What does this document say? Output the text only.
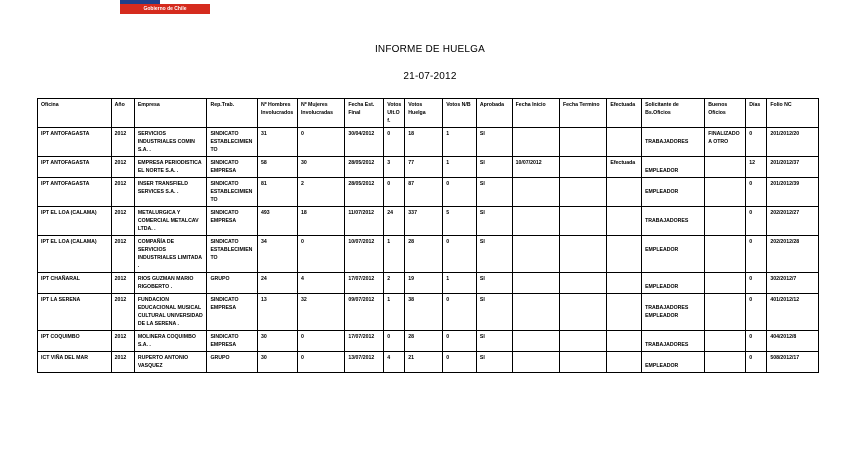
Gobierno de Chile
INFORME DE HUELGA
21-07-2012
Oficina	Año	Empresa	Rep.Trab.	Nº Hombres Involucrados	Nº Mujeres Involucradas	Fecha Est. Final	Votos Ult.Of.	Votos Huelga	Votos N/B	Aprobada	Fecha Inicio	Fecha Termino	Efectuada	Solicitante de Bs.Oficios	Buenos Oficios	Días	Folio NC
IPT ANTOFAGASTA	2012	SERVICIOS INDUSTRIALES COMIN S.A. .	SINDICATO ESTABLECIMIENTO	31	0	30/04/2012	0	18	1	SI				TRABAJADORES	FINALIZADO A OTRO	0	201/2012/20
IPT ANTOFAGASTA	2012	EMPRESA PERIODISTICA EL NORTE S.A. .	SINDICATO EMPRESA	58	30	28/05/2012	3	77	1	SI	10/07/2012		Efectuada	EMPLEADOR		12	201/2012/37
IPT ANTOFAGASTA	2012	INSER TRANSFIELD SERVICES S.A. .	SINDICATO ESTABLECIMIENTO	81	2	28/05/2012	0	87	0	SI				EMPLEADOR		0	201/2012/39
IPT EL LOA (CALAMA)	2012	METALURGICA Y COMERCIAL METALCAV LTDA. .	SINDICATO EMPRESA	493	18	11/07/2012	24	337	5	SI				TRABAJADORES		0	202/2012/27
IPT EL LOA (CALAMA)	2012	COMPAÑÍA DE SERVICIOS INDUSTRIALES LIMITADA .	SINDICATO ESTABLECIMIENTO	34	0	10/07/2012	1	28	0	SI				EMPLEADOR		0	202/2012/28
IPT CHAÑARAL	2012	RIOS GUZMAN MARIO RIGOBERTO .	GRUPO	24	4	17/07/2012	2	19	1	SI				EMPLEADOR		0	302/2012/7
IPT LA SERENA	2012	FUNDACION EDUCACIONAL MUSICAL CULTURAL UNIVERSIDAD DE LA SERENA .	SINDICATO EMPRESA	13	32	09/07/2012	1	38	0	SI				TRABAJADORES EMPLEADOR		0	401/2012/12
IPT COQUIMBO	2012	MOLINERA COQUIMBO S.A. .	SINDICATO EMPRESA	30	0	17/07/2012	0	28	0	SI				TRABAJADORES		0	404/2012/8
ICT VIÑA DEL MAR	2012	RUPERTO ANTONIO VASQUEZ	GRUPO	30	0	13/07/2012	4	21	0	SI				EMPLEADOR		0	508/2012/17
